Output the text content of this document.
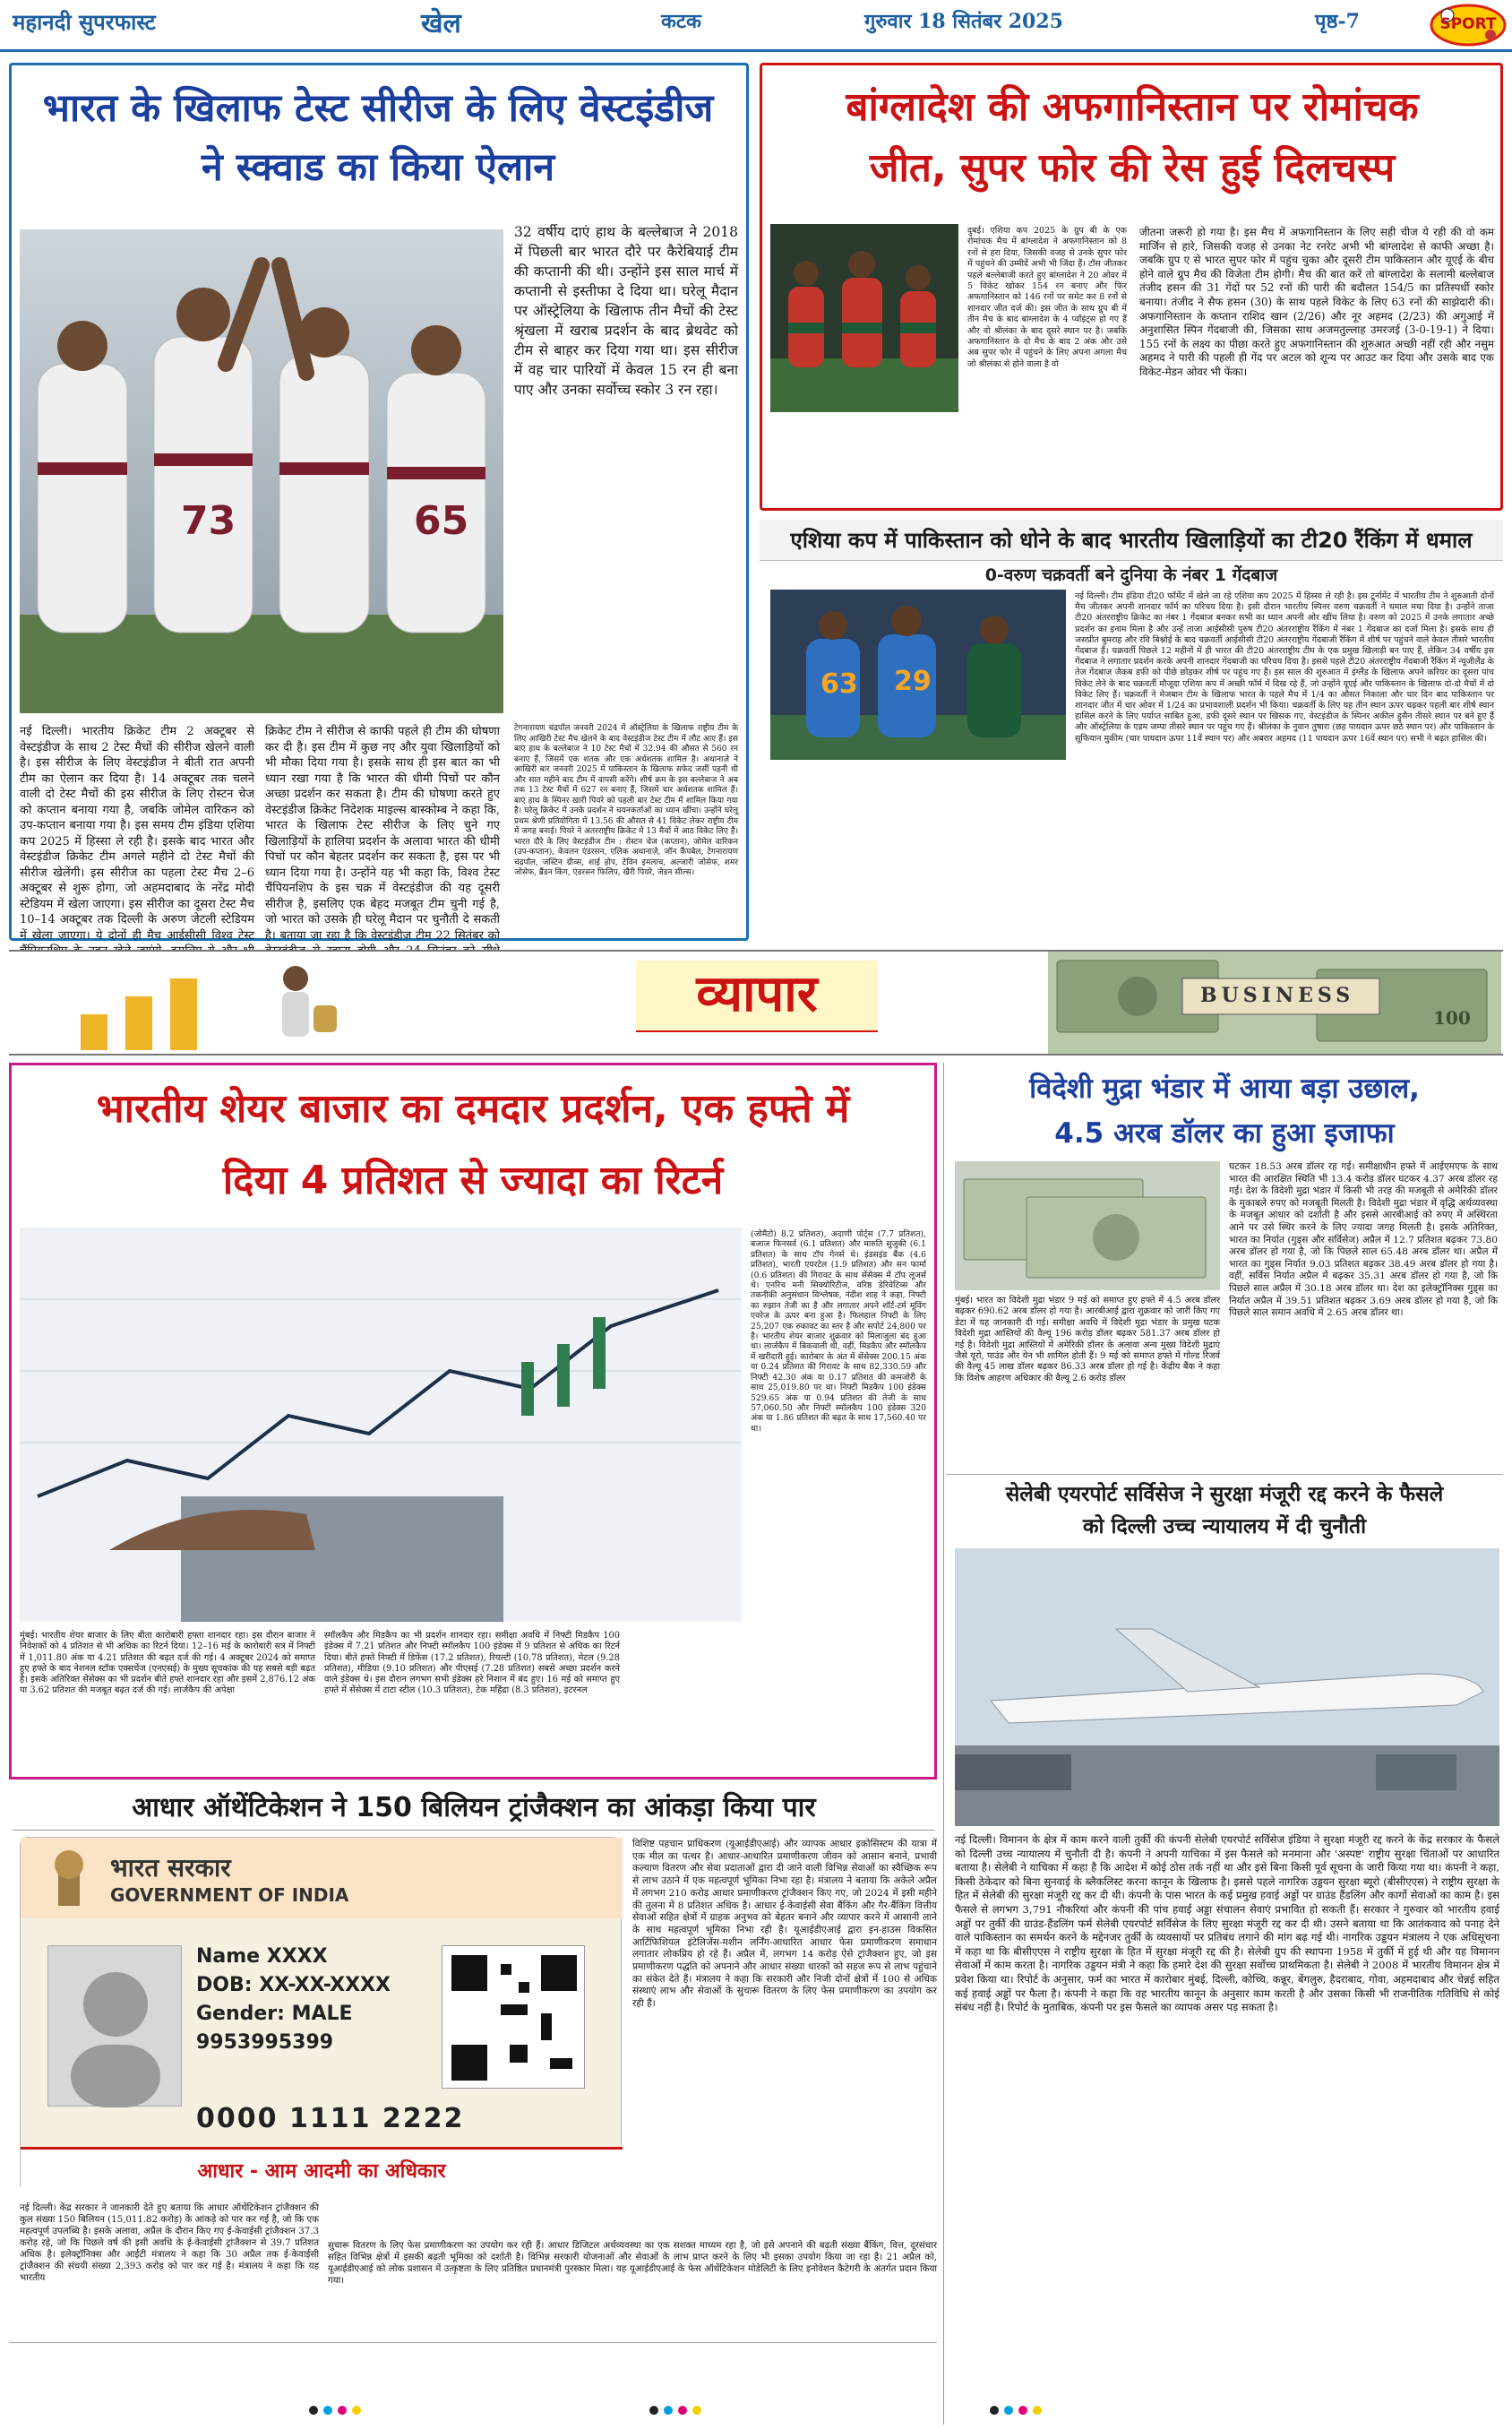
महानदी सुपरफास्ट	खेल	कटक	गुरुवार 18 सितंबर 2025	पृष्ठ-7	SPORT
भारत के खिलाफ टेस्ट सीरीज के लिए वेस्टइंडीज
ने स्क्वाड का किया ऐलान
73	65
32 वर्षीय दाएं हाथ के बल्लेबाज ने 2018 में पिछली बार भारत दौरे पर कैरेबियाई टीम की कप्तानी की थी। उन्होंने इस साल मार्च में कप्तानी से इस्तीफा दे दिया था। घरेलू मैदान पर ऑस्ट्रेलिया के खिलाफ तीन मैचों की टेस्ट श्रृंखला में खराब प्रदर्शन के बाद ब्रेथवेट को टीम से बाहर कर दिया गया था। इस सीरीज में वह चार पारियों में केवल 15 रन ही बना पाए और उनका सर्वोच्च स्कोर 3 रन रहा।
नई दिल्ली। भारतीय क्रिकेट टीम 2 अक्टूबर से वेस्टइंडीज के साथ 2 टेस्ट मैचों की सीरीज खेलने वाली है। इस सीरीज के लिए वेस्टइंडीज ने बीती रात अपनी टीम का ऐलान कर दिया है। 14 अक्टूबर तक चलने वाली दो टेस्ट मैचों की इस सीरीज के लिए रोस्टन चेज को कप्तान बनाया गया है, जबकि जोमेल वारिकन को उप-कप्तान बनाया गया है। इस समय टीम इंडिया एशिया कप 2025 में हिस्सा ले रही है। इसके बाद भारत और वेस्टइंडीज क्रिकेट टीम अगले महीने दो टेस्ट मैचों की सीरीज खेलेंगी। इस सीरीज का पहला टेस्ट मैच 2–6 अक्टूबर से शुरू होगा, जो अहमदाबाद के नरेंद्र मोदी स्टेडियम में खेला जाएगा। इस सीरीज का दूसरा टेस्ट मैच 10–14 अक्टूबर तक दिल्ली के अरुण जेटली स्टेडियम में खेला जाएगा। ये दोनों ही मैच आईसीसी विश्व टेस्ट
क्रिकेट टीम ने सीरीज से काफी पहले ही टीम की घोषणा कर दी है। इस टीम में कुछ नए और युवा खिलाड़ियों को भी मौका दिया गया है। इसके साथ ही इस बात का भी ध्यान रखा गया है कि भारत की धीमी पिचों पर कौन अच्छा प्रदर्शन कर सकता है। टीम की घोषणा करते हुए वेस्टइंडीज क्रिकेट निदेशक माइल्स बास्कोम्ब ने कहा कि, भारत के खिलाफ टेस्ट सीरीज के लिए चुने गए खिलाड़ियों के हालिया प्रदर्शन के अलावा भारत की धीमी पिचों पर कौन बेहतर प्रदर्शन कर सकता है, इस पर भी ध्यान दिया गया है। उन्होंने यह भी कहा कि, विश्व टेस्ट चैंपियनशिप के इस चक्र में वेस्टइंडीज की यह दूसरी सीरीज है, इसलिए एक बेहद मजबूत टीम चुनी गई है, जो भारत को उसके ही घरेलू मैदान पर चुनौती दे सकती है। बताया जा रहा है कि वेस्टइंडीज टीम 22 सितंबर को
टेगनारायण चंद्रपॉल जनवरी 2024 में ऑस्ट्रेलिया के खिलाफ राष्ट्रीय टीम के लिए आखिरी टेस्ट मैच खेलने के बाद वेस्टइंडीज टेस्ट टीम में लौट आए हैं। इस बाएं हाथ के बल्लेबाज ने 10 टेस्ट मैचों में 32.94 की औसत से 560 रन बनाए हैं, जिसमें एक शतक और एक अर्धशतक शामिल है। अथानाज़े ने आखिरी बार जनवरी 2025 में पाकिस्तान के खिलाफ सफेद जर्सी पहनी थी और सात महीने बाद टीम में वापसी करेंगे। शीर्ष क्रम के इस बल्लेबाज ने अब तक 13 टेस्ट मैचों में 627 रन बनाए हैं, जिसमें चार अर्धशतक शामिल हैं। बाएं हाथ के स्पिनर खारी पियरे को पहली बार टेस्ट टीम में शामिल किया गया है। घरेलू क्रिकेट में उनके प्रदर्शन ने चयनकर्ताओं का ध्यान खींचा। उन्होंने घरेलू प्रथम श्रेणी प्रतियोगिता में 13.56 की औसत से 41 विकेट लेकर राष्ट्रीय टीम में जगह बनाई। पियरे ने अंतरराष्ट्रीय क्रिकेट में 13 मैचों में आठ विकेट लिए हैं। भारत दौरे के लिए वेस्टइंडीज टीम : रोस्टन चेज (कप्तान), जोमेल वारिकन (उप-कप्तान), केवलन एंडरसन, एलिक अथानाज़े, जॉन कैंपबेल, टेगनारायण चंद्रपॉल, जस्टिन ग्रीव्स, शाई होप, टेविन इमलाच, अल्जारी जोसेफ, शमर जोसेफ, ब्रैंडन किंग, एंडरसन फिलिप, खैरी पियरे, जेडन सील्स।
बांग्लादेश की अफगानिस्तान पर रोमांचक
जीत, सुपर फोर की रेस हुई दिलचस्प
दुबई। एशिया कप 2025 के ग्रुप बी के एक रोमांचक मैच में बांग्लादेश ने अफगानिस्तान को 8 रनों से हरा दिया, जिसकी वजह से उनके सुपर फोर में पहुंचने की उम्मीदें अभी भी जिंदा हैं। टॉस जीतकर पहले बल्लेबाजी करते हुए बांग्लादेश ने 20 ओवर में 5 विकेट खोकर 154 रन बनाए और फिर अफगानिस्तान को 146 रनों पर समेट कर 8 रनों से शानदार जीत दर्ज की। इस जीत के साथ ग्रुप बी में तीन मैच के बाद बांग्लादेश के 4 प्वॉइंट्स हो गए हैं और वो श्रीलंका के बाद दूसरे स्थान पर है। जबकि अफगानिस्तान के दो मैच के बाद 2 अंक और उसे अब सुपर फोर में पहुंचने के लिए अपना अगला मैच जो श्रीलंका से होने वाला है वो
जीतना जरूरी हो गया है। इस मैच में अफगानिस्तान के लिए सही चीज ये रही की वो कम मार्जिन से हारे, जिसकी वजह से उनका नेट रनरेट अभी भी बांग्लादेश से काफी अच्छा है। जबकि ग्रुप ए से भारत सुपर फोर में पहुंच चुका और दूसरी टीम पाकिस्तान और यूएई के बीच होने वाले ग्रुप मैच की विजेता टीम होगी। मैच की बात करें तो बांग्लादेश के सलामी बल्लेबाज तंजीद हसन की 31 गेंदों पर 52 रनों की पारी की बदौलत 154/5 का प्रतिस्पर्धी स्कोर बनाया। तंजीद ने सैफ हसन (30) के साथ पहले विकेट के लिए 63 रनों की साझेदारी की। अफगानिस्तान के कप्तान राशिद खान (2/26) और नूर अहमद (2/23) की अगुआई में अनुशासित स्पिन गेंदबाजी की, जिसका साथ अजमतुल्लाह उमरजई (3-0-19-1) ने दिया। 155 रनों के लक्ष्य का पीछा करते हुए अफगानिस्तान की शुरुआत अच्छी नहीं रही और नसुम अहमद ने पारी की पहली ही गेंद पर अटल को शून्य पर आउट कर दिया और उसके बाद एक विकेट-मेडन ओवर भी फेंका।
एशिया कप में पाकिस्तान को धोने के बाद भारतीय खिलाड़ियों का टी20 रैंकिंग में धमाल
0-वरुण चक्रवर्ती बने दुनिया के नंबर 1 गेंदबाज
63 29
नई दिल्ली। टीम इंडिया टी20 फॉर्मेट में खेले जा रहे एशिया कप 2025 में हिस्सा ले रही है। इस टूर्नामेंट में भारतीय टीम ने शुरुआती दोनों मैच जीतकर अपनी शानदार फॉर्म का परिचय दिया है। इसी दौरान भारतीय स्पिनर वरुण चक्रवर्ती ने धमाल मचा दिया है। उन्होंने ताजा टी20 अंतरराष्ट्रीय क्रिकेट का नंबर 1 गेंदबाज बनकर सभी का ध्यान अपनी ओर खींच लिया है। वरुण को 2025 में उनके लगातार अच्छे प्रदर्शन का इनाम मिला है और उन्हें ताजा आईसीसी पुरुष टी20 अंतरराष्ट्रीय रैंकिंग में नंबर 1 गेंदबाज का दर्जा मिला है। इसके साथ ही जसप्रीत बुमराह और रवि बिश्नोई के बाद चक्रवर्ती आईसीसी टी20 अंतरराष्ट्रीय गेंदबाजी रैंकिंग में शीर्ष पर पहुंचने वाले केवल तीसरे भारतीय गेंदबाज हैं। चक्रवर्ती पिछले 12 महीनों में ही भारत की टी20 अंतरराष्ट्रीय टीम के एक प्रमुख खिलाड़ी बन पाए हैं, लेकिन 34 वर्षीय इस गेंदबाज ने लगातार प्रदर्शन करके अपनी शानदार गेंदबाजी का परिचय दिया है। इससे पहले टी20 अंतरराष्ट्रीय गेंदबाजी रैंकिंग में न्यूजीलैंड के तेज गेंदबाज जैकब डफी को पीछे छोड़कर शीर्ष पर पहुंच गए हैं। इस साल की शुरुआत में इंग्लैंड के खिलाफ अपने करियर का दूसरा पांच विकेट लेने के बाद चक्रवर्ती मौजूदा एशिया कप में अच्छी फॉर्म में दिख रहे हैं, जो उन्होंने यूएई और पाकिस्तान के खिलाफ दो-दो मैचों में दो विकेट लिए हैं। चक्रवर्ती ने मेजबान टीम के खिलाफ भारत के पहले मैच में 1/4 का औसत निकाला और चार दिन बाद पाकिस्तान पर शानदार जीत में चार ओवर में 1/24 का प्रभावशाली प्रदर्शन भी किया। चक्रवर्ती के लिए यह तीन स्थान ऊपर चढ़कर पहली बार शीर्ष स्थान हासिल करने के लिए पर्याप्त साबित हुआ, डफी दूसरे स्थान पर खिसक गए, वेस्टइंडीज के स्पिनर अकील हुसैन तीसरे स्थान पर बने हुए हैं और ऑस्ट्रेलिया के एडम जम्पा तीसरे स्थान पर पहुंच गए हैं। श्रीलंका के नुवान तुषारा (छह पायदान ऊपर छठे स्थान पर) और पाकिस्तान के सूफियान मुकीम (चार पायदान ऊपर 11वें स्थान पर) और अबरार अहमद (11 पायदान ऊपर 16वें स्थान पर) सभी ने बढ़त हासिल की।
व्यापार	BUSINESS
100
भारतीय शेयर बाजार का दमदार प्रदर्शन, एक हफ्ते में
दिया 4 प्रतिशत से ज्यादा का रिटर्न
(जोमैटो) 8.2 प्रतिशत), अदाणी पोर्ट्स (7.7 प्रतिशत), बजाज फिनसर्व (6.1 प्रतिशत) और मारुति सुजुकी (6.1 प्रतिशत) के साथ टॉप गेनर्स थे। इंडसइंड बैंक (4.6 प्रतिशत), भारती एयरटेल (1.9 प्रतिशत) और सन फार्मा (0.6 प्रतिशत) की गिरावट के साथ सेंसेक्स में टॉप लूजर्स थे। एनरिच मनी सिक्योरिटीज, वरिष्ठ डेरिवेटिव्स और तकनीकी अनुसंधान विश्लेषक, नंदीश शाह ने कहा, निफ्टी का रुझान तेजी का है और लगातार अपने शॉर्ट-टर्म मूविंग एवरेज के ऊपर बना हुआ है। फिलहाल निफ्टी के लिए 25,207 एक रुकावट का स्तर है और सपोर्ट 24,800 पर है। भारतीय शेयर बाजार शुक्रवार को मिलाजुला बंद हुआ था। लार्जकैप में बिकवाली थी, वहीं, मिडकैप और स्मॉलकैप में खरीदारी हुई। कारोबार के अंत में सेंसेक्स 200.15 अंक या 0.24 प्रतिशत की गिरावट के साथ 82,330.59 और निफ्टी 42.30 अंक या 0.17 प्रतिशत की कमजोरी के साथ 25,019.80 पर था। निफ्टी मिडकैप 100 इंडेक्स 529.65 अंक या 0.94 प्रतिशत की तेजी के साथ 57,060.50 और निफ्टी स्मॉलकैप 100 इंडेक्स 320 अंक या 1.86 प्रतिशत की बढ़त के साथ 17,560.40 पर था।
मुंबई। भारतीय शेयर बाजार के लिए बीता कारोबारी हफ्ता शानदार रहा। इस दौरान बाजार ने निवेशकों को 4 प्रतिशत से भी अधिक का रिटर्न दिया। 12–16 मई के कारोबारी सत्र में निफ्टी में 1,011.80 अंक या 4.21 प्रतिशत की बढ़त दर्ज की गई। 4 अक्टूबर 2024 को समाप्त हुए हफ्ते के बाद नेशनल स्टॉक एक्सचेंज (एनएसई) के मुख्य सूचकांक की यह सबसे बड़ी बढ़त है। इसके अतिरिक्त सेंसेक्स का भी प्रदर्शन बीते हफ्ते शानदार रहा और इसमें 2,876.12 अंक या 3.62 प्रतिशत की मजबूत बढ़त दर्ज की गई। लार्जकैप की अपेक्षा
स्मॉलकैप और मिडकैप का भी प्रदर्शन शानदार रहा। समीक्षा अवधि में निफ्टी मिडकैप 100 इंडेक्स में 7.21 प्रतिशत और निफ्टी स्मॉलकैप 100 इंडेक्स में 9 प्रतिशत से अधिक का रिटर्न दिया। बीते हफ्ते निफ्टी में डिफेंस (17.2 प्रतिशत), रियल्टी (10.78 प्रतिशत), मेटल (9.28 प्रतिशत), मीडिया (9.10 प्रतिशत) और पीएसई (7.28 प्रतिशत) सबसे अच्छा प्रदर्शन करने वाले इंडेक्स थे। इस दौरान लगभग सभी इंडेक्स हरे निशान में बंद हुए। 16 मई को समाप्त हुए हफ्ते में सेंसेक्स में टाटा स्टील (10.3 प्रतिशत), टेक महिंद्रा (8.3 प्रतिशत), इटरनल
विदेशी मुद्रा भंडार में आया बड़ा उछाल,
4.5 अरब डॉलर का हुआ इजाफा
मुंबई। भारत का विदेशी मुद्रा भंडार 9 मई को समाप्त हुए हफ्ते में 4.5 अरब डॉलर बढ़कर 690.62 अरब डॉलर हो गया है। आरबीआई द्वारा शुक्रवार को जारी किए गए डेटा में यह जानकारी दी गई। समीक्षा अवधि में विदेशी मुद्रा भंडार के प्रमुख घटक विदेशी मुद्रा आस्तियों की वैल्यू 196 करोड़ डॉलर बढ़कर 581.37 अरब डॉलर हो गई है। विदेशी मुद्रा आस्तियों में अमेरिकी डॉलर के अलावा अन्य मुख्य विदेशी मुद्राएं जैसे यूरो, पाउंड और येन भी शामिल होती हैं। 9 मई को समाप्त हफ्ते में गोल्ड रिजर्व की वैल्यू 45 लाख डॉलर बढ़कर 86.33 अरब डॉलर हो गई है। केंद्रीय बैंक ने कहा कि विशेष आहरण अधिकार की वैल्यू 2.6 करोड़ डॉलर
घटकर 18.53 अरब डॉलर रह गई। समीक्षाधीन हफ्ते में आईएमएफ के साथ भारत की आरक्षित स्थिति भी 13.4 करोड़ डॉलर घटकर 4.37 अरब डॉलर रह गई। देश के विदेशी मुद्रा भंडार में किसी भी तरह की मजबूती से अमेरिकी डॉलर के मुकाबले रुपए को मजबूती मिलती है। विदेशी मुद्रा भंडार में वृद्धि अर्थव्यवस्था के मजबूत आधार को दर्शाती है और इससे आरबीआई को रुपए में अस्थिरता आने पर उसे स्थिर करने के लिए ज्यादा जगह मिलती है। इसके अतिरिक्त, भारत का निर्यात (गुड्स और सर्विसेज) अप्रैल में 12.7 प्रतिशत बढ़कर 73.80 अरब डॉलर हो गया है, जो कि पिछले साल 65.48 अरब डॉलर था। अप्रैल में भारत का गुड्स निर्यात 9.03 प्रतिशत बढ़कर 38.49 अरब डॉलर हो गया है। वहीं, सर्विस निर्यात अप्रैल में बढ़कर 35.31 अरब डॉलर हो गया है, जो कि पिछले साल अप्रैल में 30.18 अरब डॉलर था। देश का इलेक्ट्रॉनिक्स गुड्स का निर्यात अप्रैल में 39.51 प्रतिशत बढ़कर 3.69 अरब डॉलर हो गया है, जो कि पिछले साल समान अवधि में 2.65 अरब डॉलर था।
सेलेबी एयरपोर्ट सर्विसेज ने सुरक्षा मंजूरी रद्द करने के फैसले
को दिल्ली उच्च न्यायालय में दी चुनौती
नई दिल्ली। विमानन के क्षेत्र में काम करने वाली तुर्की की कंपनी सेलेबी एयरपोर्ट सर्विसेज इंडिया ने सुरक्षा मंजूरी रद्द करने के केंद्र सरकार के फैसले को दिल्ली उच्च न्यायालय में चुनौती दी है। कंपनी ने अपनी याचिका में इस फैसले को मनमाना और 'अस्पष्ट' राष्ट्रीय सुरक्षा चिंताओं पर आधारित बताया है। सेलेबी ने याचिका में कहा है कि आदेश में कोई ठोस तर्क नहीं था और इसे बिना किसी पूर्व सूचना के जारी किया गया था। कंपनी ने कहा, किसी ठेकेदार को बिना सुनवाई के ब्लैकलिस्ट करना कानून के खिलाफ है। इससे पहले नागरिक उड्डयन सुरक्षा ब्यूरो (बीसीएएस) ने राष्ट्रीय सुरक्षा के हित में सेलेबी की सुरक्षा मंजूरी रद्द कर दी थी। कंपनी के पास भारत के कई प्रमुख हवाई अड्डों पर ग्राउंड हैंडलिंग और कार्गो सेवाओं का काम है। इस फैसले से लगभग 3,791 नौकरियां और कंपनी की पांच हवाई अड्डा संचालन सेवाएं प्रभावित हो सकती हैं। सरकार ने गुरुवार को भारतीय हवाई अड्डों पर तुर्की की ग्राउंड-हैंडलिंग फर्म सेलेबी एयरपोर्ट सर्विसेज के लिए सुरक्षा मंजूरी रद्द कर दी थी। उसने बताया था कि आतंकवाद को पनाह देने वाले पाकिस्तान का समर्थन करने के मद्देनजर तुर्की के व्यवसायों पर प्रतिबंध लगाने की मांग बढ़ गई थी। नागरिक उड्डयन मंत्रालय ने एक अधिसूचना में कहा था कि बीसीएएस ने राष्ट्रीय सुरक्षा के हित में सुरक्षा मंजूरी रद्द की है। सेलेबी ग्रुप की स्थापना 1958 में तुर्की में हुई थी और यह विमानन सेवाओं में काम करता है। नागरिक उड्डयन मंत्री ने कहा कि हमारे देश की सुरक्षा सर्वोच्च प्राथमिकता है। सेलेबी ने 2008 में भारतीय विमानन क्षेत्र में प्रवेश किया था। रिपोर्ट के अनुसार, फर्म का भारत में कारोबार मुंबई, दिल्ली, कोच्चि, कन्नूर, बेंगलुरु, हैदराबाद, गोवा, अहमदाबाद और चेन्नई सहित कई हवाई अड्डों पर फैला है। कंपनी ने कहा कि वह भारतीय कानून के अनुसार काम करती है और उसका किसी भी राजनीतिक गतिविधि से कोई संबंध नहीं है। रिपोर्ट के मुताबिक, कंपनी पर इस फैसले का व्यापक असर पड़ सकता है।
आधार ऑथेंटिकेशन ने 150 बिलियन ट्रांजैक्शन का आंकड़ा किया पार
भारत सरकार
GOVERNMENT OF INDIA
Name XXXX
DOB: XX-XX-XXXX
Gender: MALE
9953995399
0000 1111 2222
आधार - आम आदमी का अधिकार
विशिष्ट पहचान प्राधिकरण (यूआईडीएआई) और व्यापक आधार इकोसिस्टम की यात्रा में एक मील का पत्थर है। आधार-आधारित प्रमाणीकरण जीवन को आसान बनाने, प्रभावी कल्याण वितरण और सेवा प्रदाताओं द्वारा दी जाने वाली विभिन्न सेवाओं का स्वैच्छिक रूप से लाभ उठाने में एक महत्वपूर्ण भूमिका निभा रहा है। मंत्रालय ने बताया कि अकेले अप्रैल में लगभग 210 करोड़ आधार प्रमाणीकरण ट्रांजैक्शन किए गए, जो 2024 में इसी महीने की तुलना में 8 प्रतिशत अधिक है। आधार ई-केवाईसी सेवा बैंकिंग और गैर-बैंकिंग वित्तीय सेवाओं सहित क्षेत्रों में ग्राहक अनुभव को बेहतर बनाने और व्यापार करने में आसानी लाने के साथ महत्वपूर्ण भूमिका निभा रही है। यूआईडीएआई द्वारा इन-हाउस विकसित आर्टिफिशियल इंटेलिजेंस-मशीन लर्निंग-आधारित आधार फेस प्रमाणीकरण समाधान लगातार लोकप्रिय हो रहे हैं। अप्रैल में, लगभग 14 करोड़ ऐसे ट्रांजैक्शन हुए, जो इस प्रमाणीकरण पद्धति को अपनाने और आधार संख्या धारकों को सहज रूप से लाभ पहुंचाने का संकेत देते हैं। मंत्रालय ने कहा कि सरकारी और निजी दोनों क्षेत्रों में 100 से अधिक संस्थाएं लाभ और सेवाओं के सुचारू वितरण के लिए फेस प्रमाणीकरण का उपयोग कर रही हैं।
नई दिल्ली। केंद्र सरकार ने जानकारी देते हुए बताया कि आधार ऑथेंटिकेशन ट्रांजैक्शन की कुल संख्या 150 बिलियन (15,011.82 करोड़) के आंकड़े को पार कर गई है, जो कि एक महत्वपूर्ण उपलब्धि है। इसके अलावा, अप्रैल के दौरान किए गए ई-केवाईसी ट्रांजैक्शन 37.3 करोड़ रहे, जो कि पिछले वर्ष की इसी अवधि के ई-केवाईसी ट्रांजैक्शन से 39.7 प्रतिशत अधिक है। इलेक्ट्रॉनिक्स और आईटी मंत्रालय ने कहा कि 30 अप्रैल तक ई-केवाईसी ट्रांजैक्शन की संचयी संख्या 2,393 करोड़ को पार कर गई है। मंत्रालय ने कहा कि यह भारतीय
सुचारू वितरण के लिए फेस प्रमाणीकरण का उपयोग कर रही हैं। आधार डिजिटल अर्थव्यवस्था का एक सशक्त माध्यम रहा है, जो इसे अपनाने की बढ़ती संख्या बैंकिंग, वित्त, दूरसंचार सहित विभिन्न क्षेत्रों में इसकी बढ़ती भूमिका को दर्शाती है। विभिन्न सरकारी योजनाओं और सेवाओं के लाभ प्राप्त करने के लिए भी इसका उपयोग किया जा रहा है। 21 अप्रैल को, यूआईडीएआई को लोक प्रशासन में उत्कृष्टता के लिए प्रतिष्ठित प्रधानमंत्री पुरस्कार मिला। यह यूआईडीएआई के फेस ऑथेंटिकेशन मोडेलिटी के लिए इनोवेशन कैटेगरी के अंतर्गत प्रदान किया गया।
